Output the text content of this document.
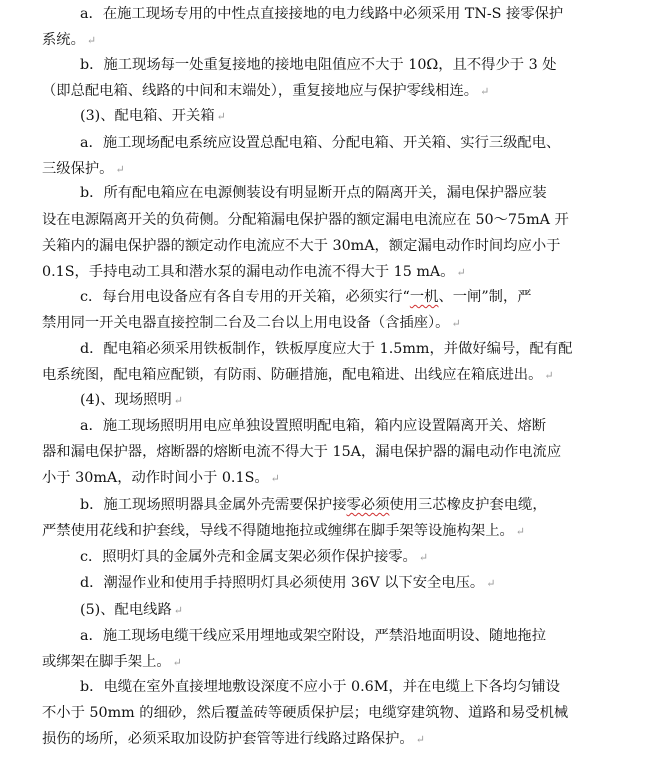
a．在施工现场专用的中性点直接接地的电力线路中必须采用 TN-S 接零保护
系统。 ↵
b．施工现场每一处重复接地的接地电阻值应不大于 10Ω，且不得少于 3 处
（即总配电箱、线路的中间和末端处），重复接地应与保护零线相连。 ↵
(3)、配电箱、开关箱 ↵
a．施工现场配电系统应设置总配电箱、分配电箱、开关箱、实行三级配电、
三级保护。 ↵
b．所有配电箱应在电源侧装设有明显断开点的隔离开关，漏电保护器应装
设在电源隔离开关的负荷侧。分配箱漏电保护器的额定漏电电流应在 50～75mA 开
关箱内的漏电保护器的额定动作电流应不大于 30mA，额定漏电动作时间均应小于
0.1S，手持电动工具和潜水泵的漏电动作电流不得大于 15 mA。 ↵
c．每台用电设备应有各自专用的开关箱，必须实行“一机、一闸”制，严
禁用同一开关电器直接控制二台及二台以上用电设备（含插座）。 ↵
d．配电箱必须采用铁板制作，铁板厚度应大于 1.5mm，并做好编号，配有配
电系统图，配电箱应配锁，有防雨、防砸措施，配电箱进、出线应在箱底进出。 ↵
(4)、现场照明 ↵
a．施工现场照明用电应单独设置照明配电箱，箱内应设置隔离开关、熔断
器和漏电保护器，熔断器的熔断电流不得大于 15A，漏电保护器的漏电动作电流应
小于 30mA，动作时间小于 0.1S。 ↵
b．施工现场照明器具金属外壳需要保护接零必须使用三芯橡皮护套电缆，
严禁使用花线和护套线，导线不得随地拖拉或缠绑在脚手架等设施构架上。 ↵
c．照明灯具的金属外壳和金属支架必须作保护接零。 ↵
d．潮湿作业和使用手持照明灯具必须使用 36V 以下安全电压。 ↵
(5)、配电线路 ↵
a．施工现场电缆干线应采用埋地或架空附设，严禁沿地面明设、随地拖拉
或绑架在脚手架上。 ↵
b．电缆在室外直接埋地敷设深度不应小于 0.6M，并在电缆上下各均匀铺设
不小于 50mm 的细砂，然后覆盖砖等硬质保护层；电缆穿建筑物、道路和易受机械
损伤的场所，必须采取加设防护套管等进行线路过路保护。 ↵
